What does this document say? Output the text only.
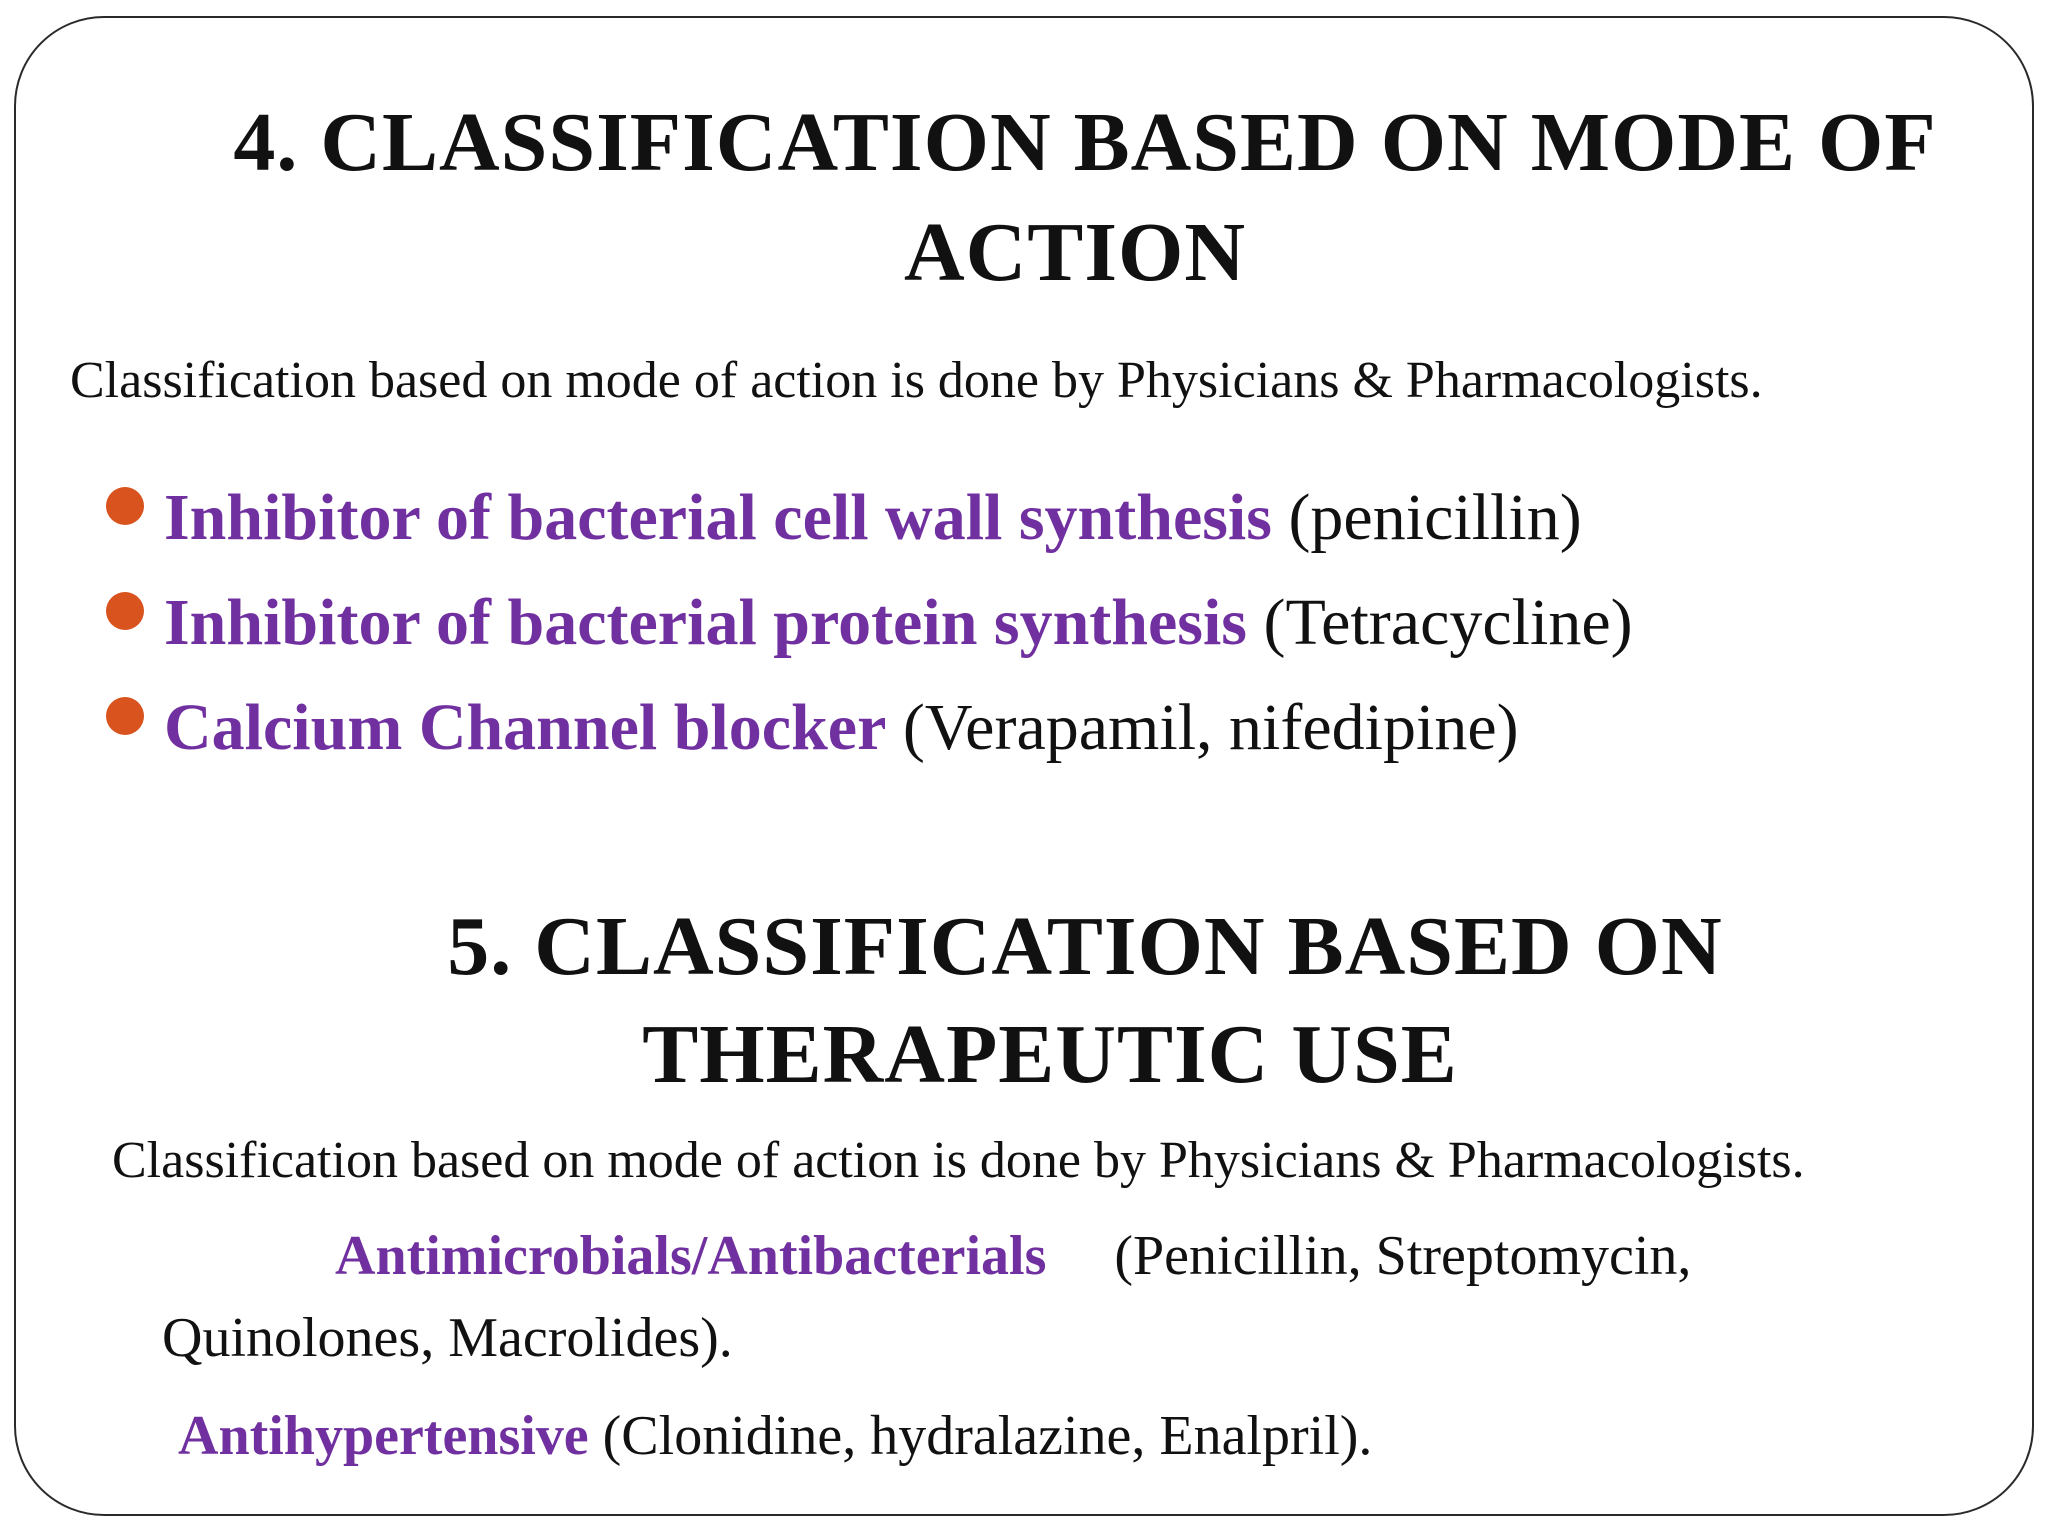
4. CLASSIFICATION BASED ON MODE OF
ACTION
Classification based on mode of action is done by Physicians & Pharmacologists.
Inhibitor of bacterial cell wall synthesis (penicillin)
Inhibitor of bacterial protein synthesis (Tetracycline)
Calcium Channel blocker (Verapamil, nifedipine)
5. CLASSIFICATION BASED ON
THERAPEUTIC USE
Classification based on mode of action is done by Physicians & Pharmacologists.
Antimicrobials/Antibacterials (Penicillin, Streptomycin,
Quinolones, Macrolides).
Antihypertensive (Clonidine, hydralazine, Enalpril).
